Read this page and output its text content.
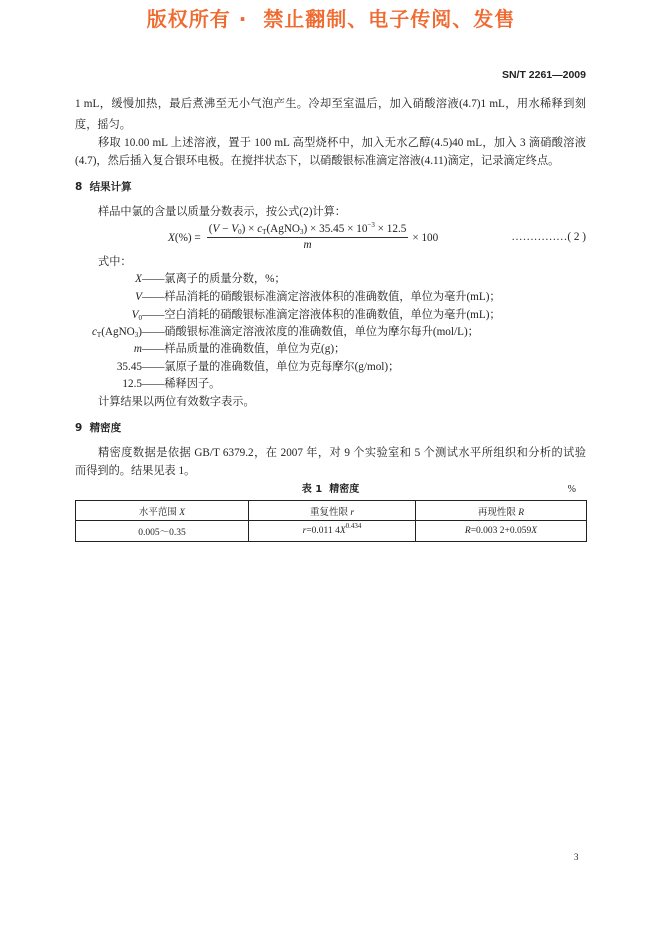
版权所有 ·  禁止翻制、电子传阅、发售
SN/T 2261—2009
1 mL，缓慢加热，最后煮沸至无小气泡产生。冷却至室温后，加入硝酸溶液(4.7)1 mL，用水稀释到刻
度，摇匀。
移取 10.00 mL 上述溶液，置于 100 mL 高型烧杯中，加入无水乙醇(4.5)40 mL，加入 3 滴硝酸溶液
(4.7)，然后插入复合银环电极。在搅拌状态下，以硝酸银标准滴定溶液(4.11)滴定，记录滴定终点。
8  结果计算
样品中氯的含量以质量分数表示，按公式(2)计算：
$X(\%) = \frac{(V - V_0) \times c_T(AgNO_3) \times 35.45 \times 10^{-3} \times 12.5}{m} \times 100$	……………( 2 )
式中：
X ——氯离子的质量分数，%；
V ——样品消耗的硝酸银标准滴定溶液体积的准确数值，单位为毫升(mL)；
$V_0$ ——空白消耗的硝酸银标准滴定溶液体积的准确数值，单位为毫升(mL)；
$c_T(AgNO_3)$ ——硝酸银标准滴定溶液浓度的准确数值，单位为摩尔每升(mol/L)；
m ——样品质量的准确数值，单位为克(g)；
35.45 ——氯原子量的准确数值，单位为克每摩尔(g/mol)；
12.5 ——稀释因子。
计算结果以两位有效数字表示。
9  精密度
精密度数据是依据 GB/T 6379.2，在 2007 年，对 9 个实验室和 5 个测试水平所组织和分析的试验
而得到的。结果见表 1。
表 1  精密度	%
水平范围 X	重复性限 r	再现性限 R
0.005～0.35	r=0.011 $4X^{0.434}$	R=0.003 2+0.059X
3
